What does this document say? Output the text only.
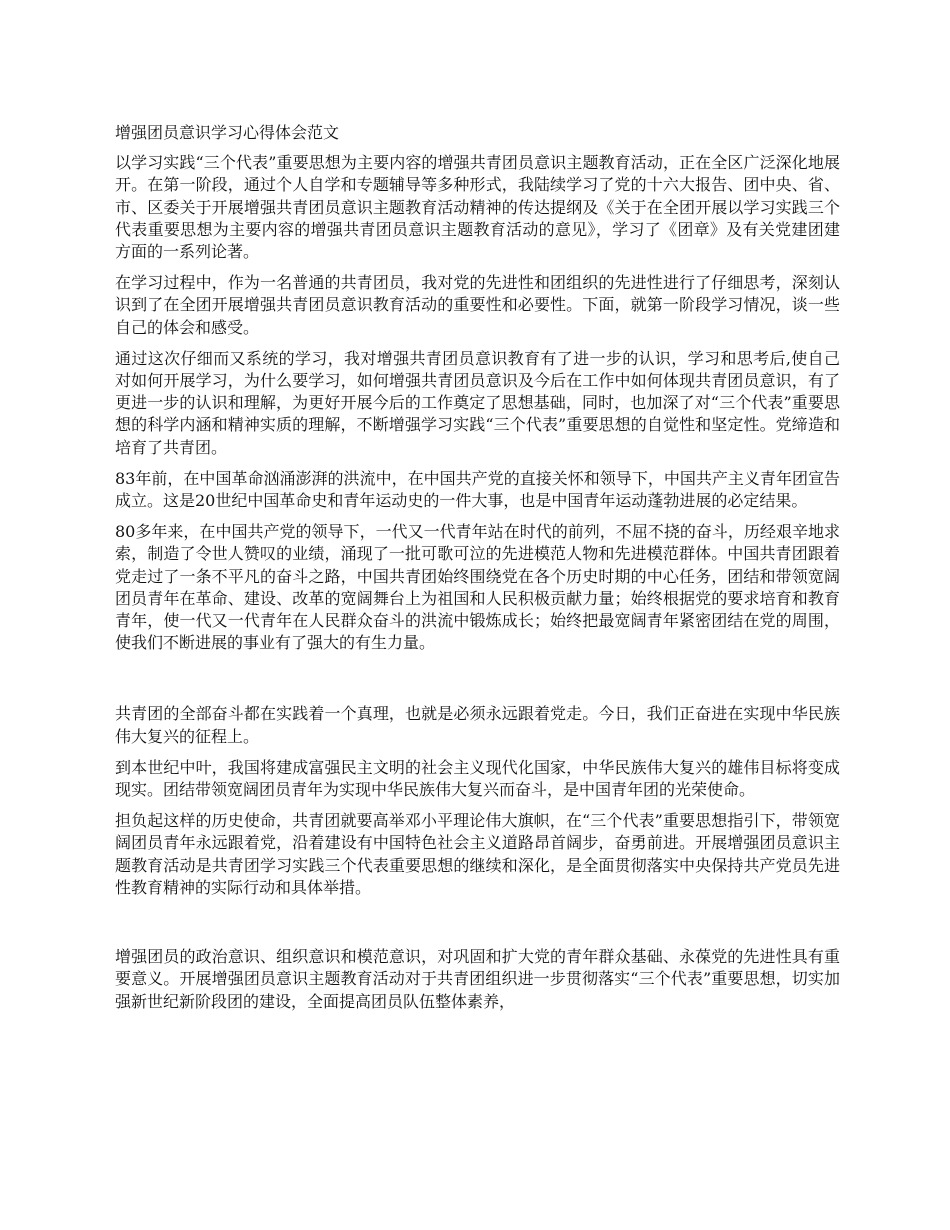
增强团员意识学习心得体会范文

以学习实践“三个代表”重要思想为主要内容的增强共青团员意识主题教育活动，正在全区广泛深化地展开。在第一阶段，通过个人自学和专题辅导等多种形式，我陆续学习了党的十六大报告、团中央、省、市、区委关于开展增强共青团员意识主题教育活动精神的传达提纲及《关于在全团开展以学习实践三个代表重要思想为主要内容的增强共青团员意识主题教育活动的意见》，学习了《团章》及有关党建团建方面的一系列论著。

在学习过程中，作为一名普通的共青团员，我对党的先进性和团组织的先进性进行了仔细思考，深刻认识到了在全团开展增强共青团员意识教育活动的重要性和必要性。下面，就第一阶段学习情况，谈一些自己的体会和感受。

通过这次仔细而又系统的学习，我对增强共青团员意识教育有了进一步的认识，学习和思考后,使自己对如何开展学习，为什么要学习，如何增强共青团员意识及今后在工作中如何体现共青团员意识，有了更进一步的认识和理解，为更好开展今后的工作奠定了思想基础，同时，也加深了对“三个代表”重要思想的科学内涵和精神实质的理解，不断增强学习实践“三个代表”重要思想的自觉性和坚定性。党缔造和培育了共青团。

83年前，在中国革命汹涌澎湃的洪流中，在中国共产党的直接关怀和领导下，中国共产主义青年团宣告成立。这是20世纪中国革命史和青年运动史的一件大事，也是中国青年运动蓬勃进展的必定结果。

80多年来，在中国共产党的领导下，一代又一代青年站在时代的前列，不屈不挠的奋斗，历经艰辛地求索，制造了令世人赞叹的业绩，涌现了一批可歌可泣的先进模范人物和先进模范群体。中国共青团跟着党走过了一条不平凡的奋斗之路，中国共青团始终围绕党在各个历史时期的中心任务，团结和带领宽阔团员青年在革命、建设、改革的宽阔舞台上为祖国和人民积极贡献力量；始终根据党的要求培育和教育青年，使一代又一代青年在人民群众奋斗的洪流中锻炼成长；始终把最宽阔青年紧密团结在党的周围，使我们不断进展的事业有了强大的有生力量。

共青团的全部奋斗都在实践着一个真理，也就是必须永远跟着党走。今日，我们正奋进在实现中华民族伟大复兴的征程上。

到本世纪中叶，我国将建成富强民主文明的社会主义现代化国家，中华民族伟大复兴的雄伟目标将变成现实。团结带领宽阔团员青年为实现中华民族伟大复兴而奋斗，是中国青年团的光荣使命。

担负起这样的历史使命，共青团就要高举邓小平理论伟大旗帜，在“三个代表”重要思想指引下，带领宽阔团员青年永远跟着党，沿着建设有中国特色社会主义道路昂首阔步，奋勇前进。开展增强团员意识主题教育活动是共青团学习实践三个代表重要思想的继续和深化，是全面贯彻落实中央保持共产党员先进性教育精神的实际行动和具体举措。

增强团员的政治意识、组织意识和模范意识，对巩固和扩大党的青年群众基础、永葆党的先进性具有重要意义。开展增强团员意识主题教育活动对于共青团组织进一步贯彻落实“三个代表”重要思想，切实加强新世纪新阶段团的建设，全面提高团员队伍整体素养，
